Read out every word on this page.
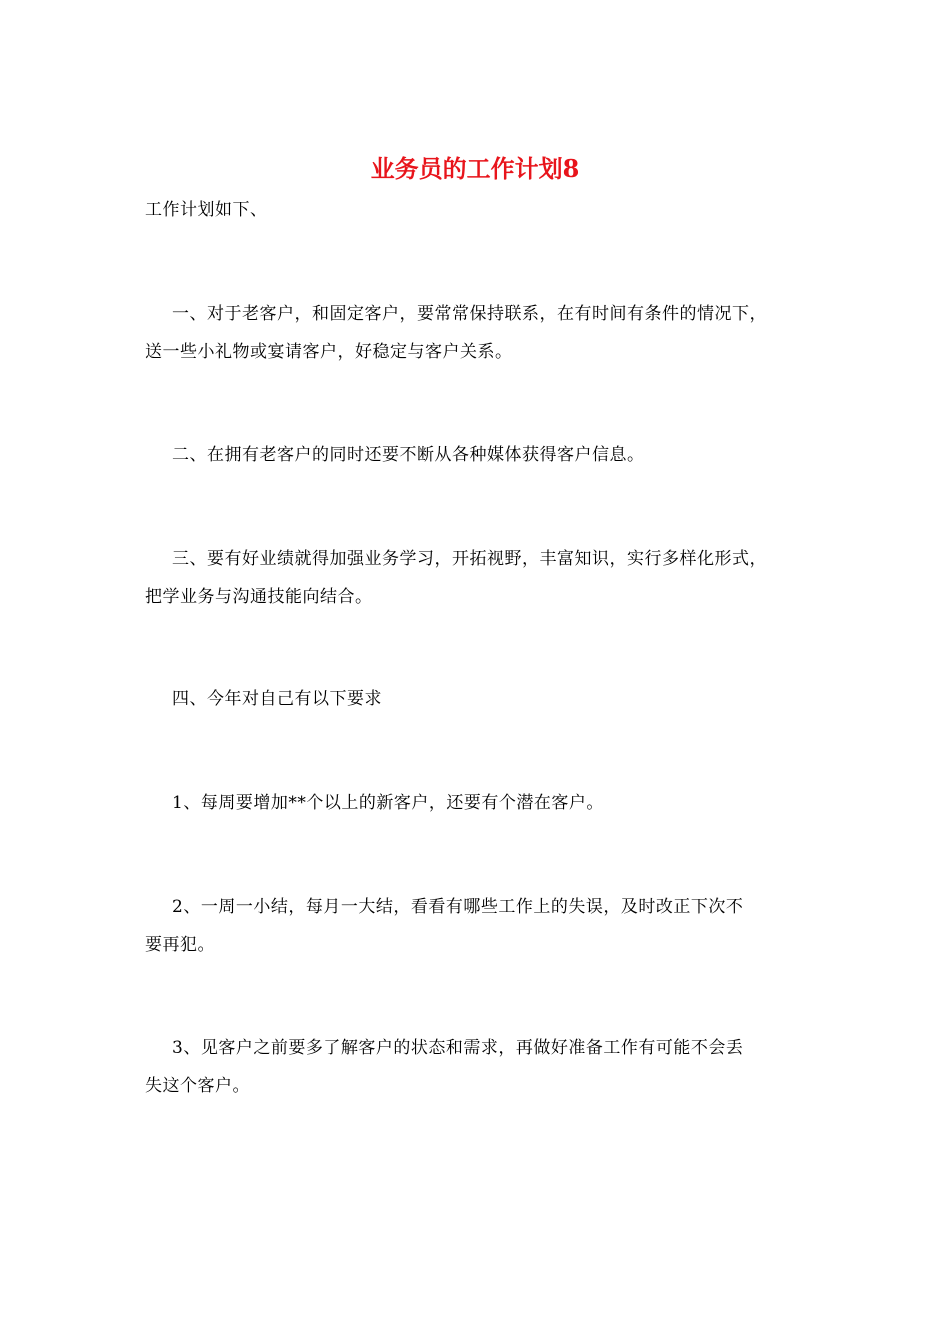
业务员的工作计划8
工作计划如下、
一、对于老客户，和固定客户，要常常保持联系，在有时间有条件的情况下，
送一些小礼物或宴请客户，好稳定与客户关系。
二、在拥有老客户的同时还要不断从各种媒体获得客户信息。
三、要有好业绩就得加强业务学习，开拓视野，丰富知识，实行多样化形式，
把学业务与沟通技能向结合。
四、今年对自己有以下要求
1、每周要增加**个以上的新客户，还要有个潜在客户。
2、一周一小结，每月一大结，看看有哪些工作上的失误，及时改正下次不
要再犯。
3、见客户之前要多了解客户的状态和需求，再做好准备工作有可能不会丢
失这个客户。
